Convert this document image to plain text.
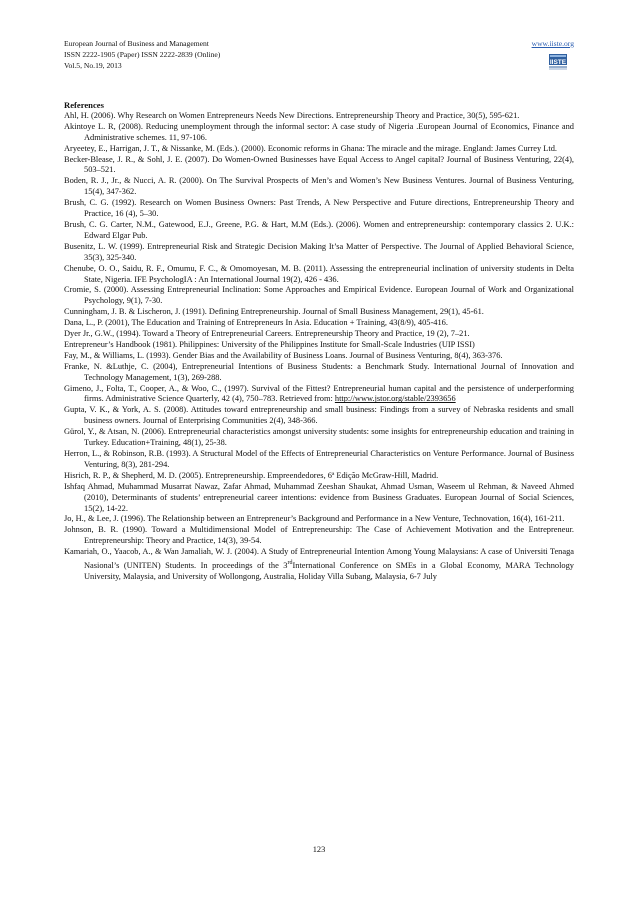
European Journal of Business and Management
ISSN 2222-1905 (Paper) ISSN 2222-2839 (Online)
Vol.5, No.19, 2013
www.iiste.org
IISTE
References

Ahl, H. (2006). Why Research on Women Entrepreneurs Needs New Directions. Entrepreneurship Theory and Practice, 30(5), 595-621.

Akintoye L. R, (2008). Reducing unemployment through the informal sector: A case study of Nigeria .European Journal of Economics, Finance and Administrative schemes. 11, 97-106.

Aryeetey, E., Harrigan, J. T., & Nissanke, M. (Eds.). (2000). Economic reforms in Ghana: The miracle and the mirage. England: James Currey Ltd.

Becker-Blease, J. R., & Sohl, J. E. (2007). Do Women-Owned Businesses have Equal Access to Angel capital? Journal of Business Venturing, 22(4), 503–521.

Boden, R. J., Jr., & Nucci, A. R. (2000). On The Survival Prospects of Men’s and Women’s New Business Ventures. Journal of Business Venturing, 15(4), 347-362.

Brush, C. G. (1992). Research on Women Business Owners: Past Trends, A New Perspective and Future directions, Entrepreneurship Theory and Practice, 16 (4), 5–30.

Brush, C. G. Carter, N.M., Gatewood, E.J., Greene, P.G. & Hart, M.M (Eds.). (2006). Women and entrepreneurship: contemporary classics 2. U.K.: Edward Elgar Pub.

Busenitz, L. W. (1999). Entrepreneurial Risk and Strategic Decision Making It’sa Matter of Perspective. The Journal of Applied Behavioral Science, 35(3), 325-340.

Chenube, O. O., Saidu, R. F., Omumu, F. C., & Omomoyesan, M. B. (2011). Assessing the entrepreneurial inclination of university students in Delta State, Nigeria. IFE PsychologIA : An International Journal 19(2), 426 - 436.

Cromie, S. (2000). Assessing Entrepreneurial Inclination: Some Approaches and Empirical Evidence. European Journal of Work and Organizational Psychology, 9(1), 7-30.

Cunningham, J. B. & Lischeron, J. (1991). Defining Entrepreneurship. Journal of Small Business Management, 29(1), 45-61.

Dana, L., P. (2001), The Education and Training of Entrepreneurs In Asia. Education + Training, 43(8/9), 405-416.

Dyer Jr., G.W., (1994). Toward a Theory of Entrepreneurial Careers. Entrepreneurship Theory and Practice, 19 (2), 7–21.

Entrepreneur’s Handbook (1981). Philippines: University of the Philippines Institute for Small-Scale Industries (UIP ISSI)

Fay, M., & Williams, L. (1993). Gender Bias and the Availability of Business Loans. Journal of Business Venturing, 8(4), 363-376.

Franke, N. &Luthje, C. (2004), Entrepreneurial Intentions of Business Students: a Benchmark Study. International Journal of Innovation and Technology Management, 1(3), 269-288.

Gimeno, J., Folta, T., Cooper, A., & Woo, C., (1997). Survival of the Fittest? Entrepreneurial human capital and the persistence of underperforming firms. Administrative Science Quarterly, 42 (4), 750–783. Retrieved from: http://www.jstor.org/stable/2393656

Gupta, V. K., & York, A. S. (2008). Attitudes toward entrepreneurship and small business: Findings from a survey of Nebraska residents and small business owners. Journal of Enterprising Communities 2(4), 348-366.

Gürol, Y., & Atsan, N. (2006). Entrepreneurial characteristics amongst university students: some insights for entrepreneurship education and training in Turkey. Education+Training, 48(1), 25-38.

Herron, L., & Robinson, R.B. (1993). A Structural Model of the Effects of Entrepreneurial Characteristics on Venture Performance. Journal of Business Venturing, 8(3), 281-294.

Hisrich, R. P., & Shepherd, M. D. (2005). Entrepreneurship. Empreendedores, 6ª Edição McGraw-Hill, Madrid.

Ishfaq Ahmad, Muhammad Musarrat Nawaz, Zafar Ahmad, Muhammad Zeeshan Shaukat, Ahmad Usman, Waseem ul Rehman, & Naveed Ahmed (2010), Determinants of students’ entrepreneurial career intentions: evidence from Business Graduates. European Journal of Social Sciences, 15(2), 14-22.

Jo, H., & Lee, J. (1996). The Relationship between an Entrepreneur’s Background and Performance in a New Venture, Technovation, 16(4), 161-211.

Johnson, B. R. (1990). Toward a Multidimensional Model of Entrepreneurship: The Case of Achievement Motivation and the Entrepreneur. Entrepreneurship: Theory and Practice, 14(3), 39-54.

Kamariah, O., Yaacob, A., & Wan Jamaliah, W. J. (2004). A Study of Entrepreneurial Intention Among Young Malaysians: A case of Universiti Tenaga Nasional’s (UNITEN) Students. In proceedings of the 3rdInternational Conference on SMEs in a Global Economy, MARA Technology University, Malaysia, and University of Wollongong, Australia, Holiday Villa Subang, Malaysia, 6-7 July

123
